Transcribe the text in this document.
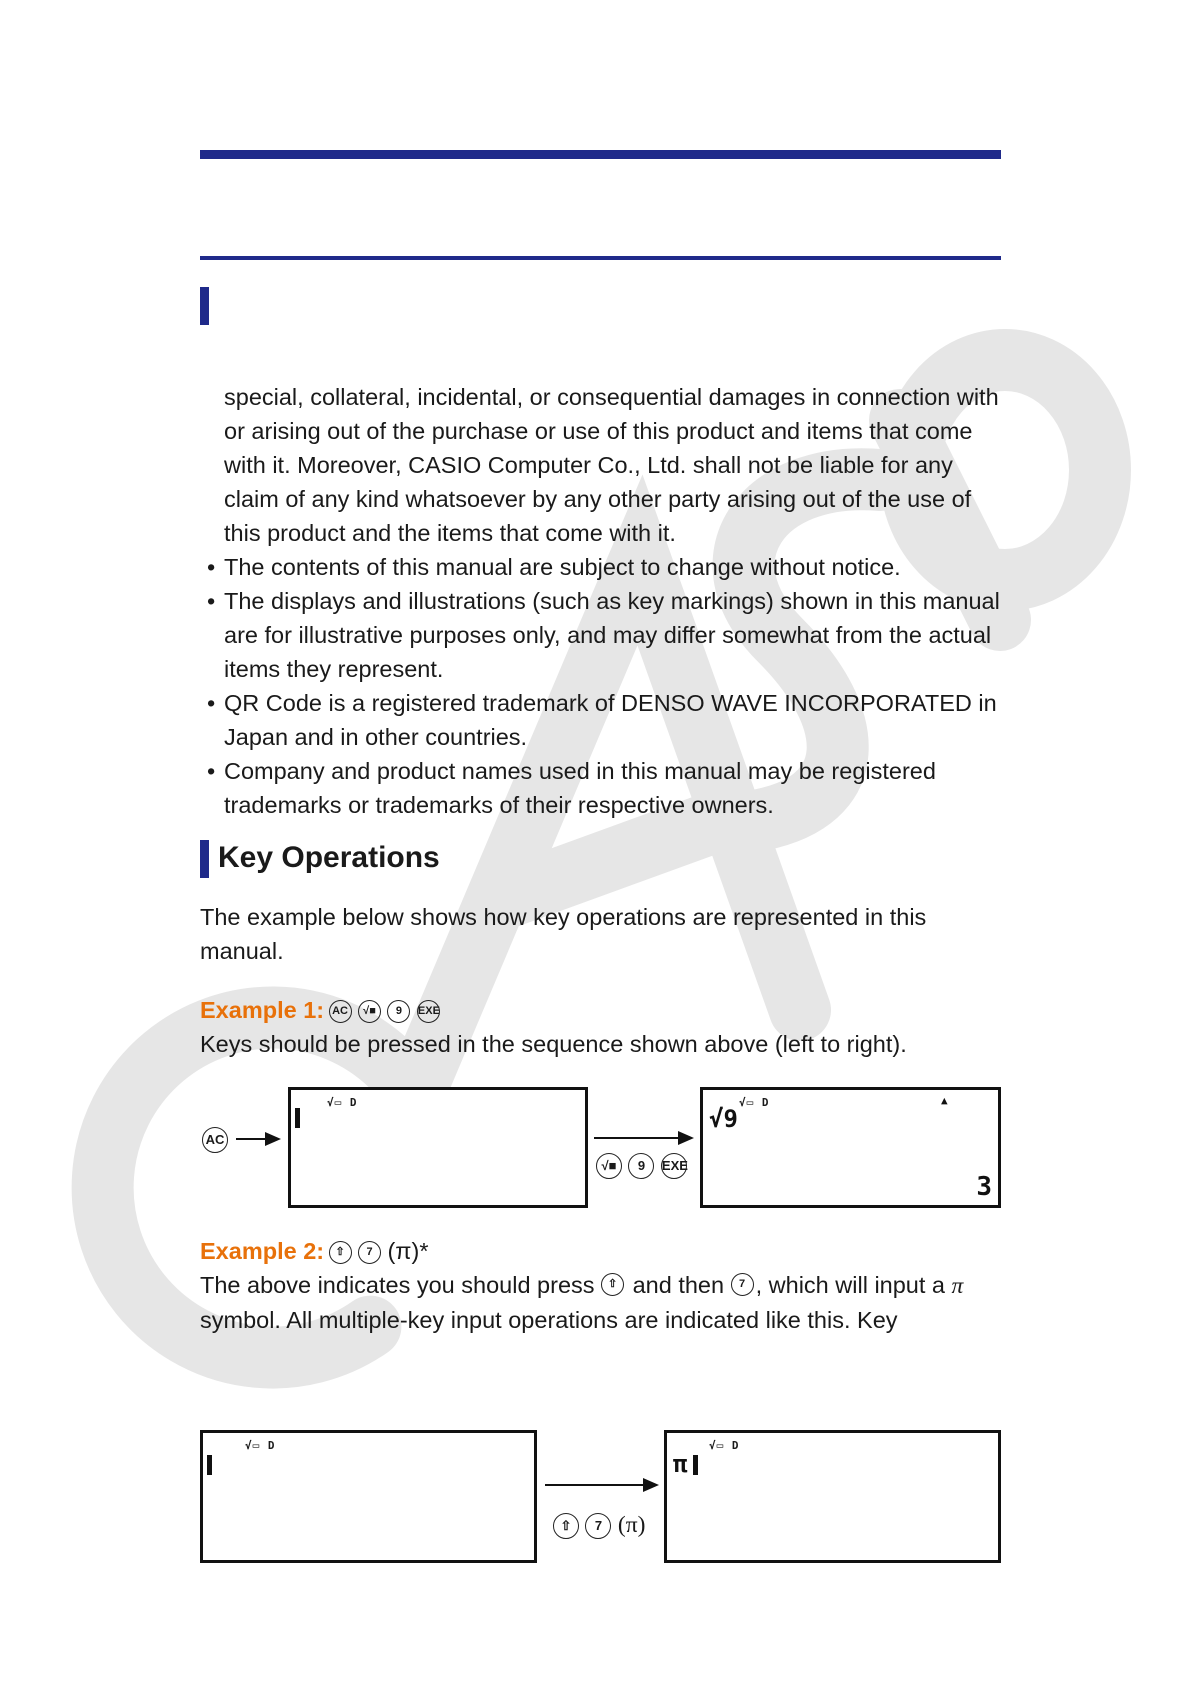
special, collateral, incidental, or consequential damages in connection with or arising out of the purchase or use of this product and items that come with it. Moreover, CASIO Computer Co., Ltd. shall not be liable for any claim of any kind whatsoever by any other party arising out of the use of this product and the items that come with it.
• The contents of this manual are subject to change without notice.
• The displays and illustrations (such as key markings) shown in this manual are for illustrative purposes only, and may differ somewhat from the actual items they represent.
• QR Code is a registered trademark of DENSO WAVE INCORPORATED in Japan and in other countries.
• Company and product names used in this manual may be registered trademarks or trademarks of their respective owners.
Key Operations
The example below shows how key operations are represented in this manual.
Example 1: AC √■ 9 EXE
Keys should be pressed in the sequence shown above (left to right).
AC
√▭ D
√■ 9 EXE
√▭ D	▲
√9
3
Example 2: ⇧ 7 (π)*
The above indicates you should press ⇧ and then 7 , which will input a π symbol. All multiple-key input operations are indicated like this. Key
√▭ D
⇧ 7 (π)
√▭ D
π
